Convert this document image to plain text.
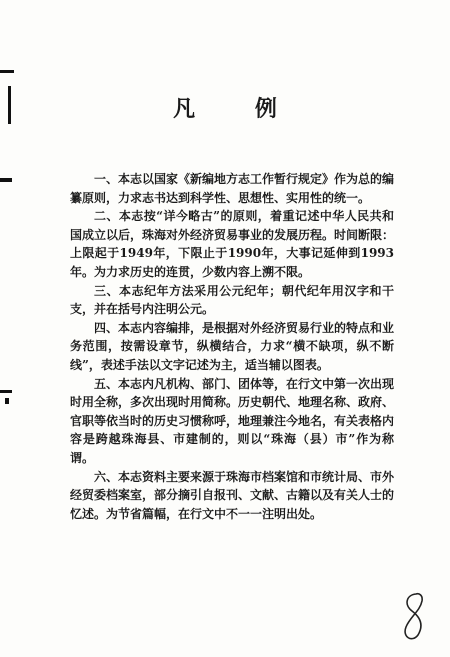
凡 例

一、本志以国家《新编地方志工作暂行规定》作为总的编纂原则，力求志书达到科学性、思想性、实用性的统一。

二、本志按“详今略古”的原则，着重记述中华人民共和国成立以后，珠海对外经济贸易事业的发展历程。时间断限：上限起于1949年，下限止于1990年，大事记延伸到1993年。为力求历史的连贯，少数内容上溯不限。

三、本志纪年方法采用公元纪年；朝代纪年用汉字和干支，并在括号内注明公元。

四、本志内容编排，是根据对外经济贸易行业的特点和业务范围，按需设章节，纵横结合，力求“横不缺项，纵不断线”，表述手法以文字记述为主，适当辅以图表。

五、本志内凡机构、部门、团体等，在行文中第一次出现时用全称，多次出现时用简称。历史朝代、地理名称、政府、官职等依当时的历史习惯称呼，地理兼注今地名，有关表格内容是跨越珠海县、市建制的，则以“珠海（县）市”作为称谓。

六、本志资料主要来源于珠海市档案馆和市统计局、市外经贸委档案室，部分摘引自报刊、文献、古籍以及有关人士的忆述。为节省篇幅，在行文中不一一注明出处。
